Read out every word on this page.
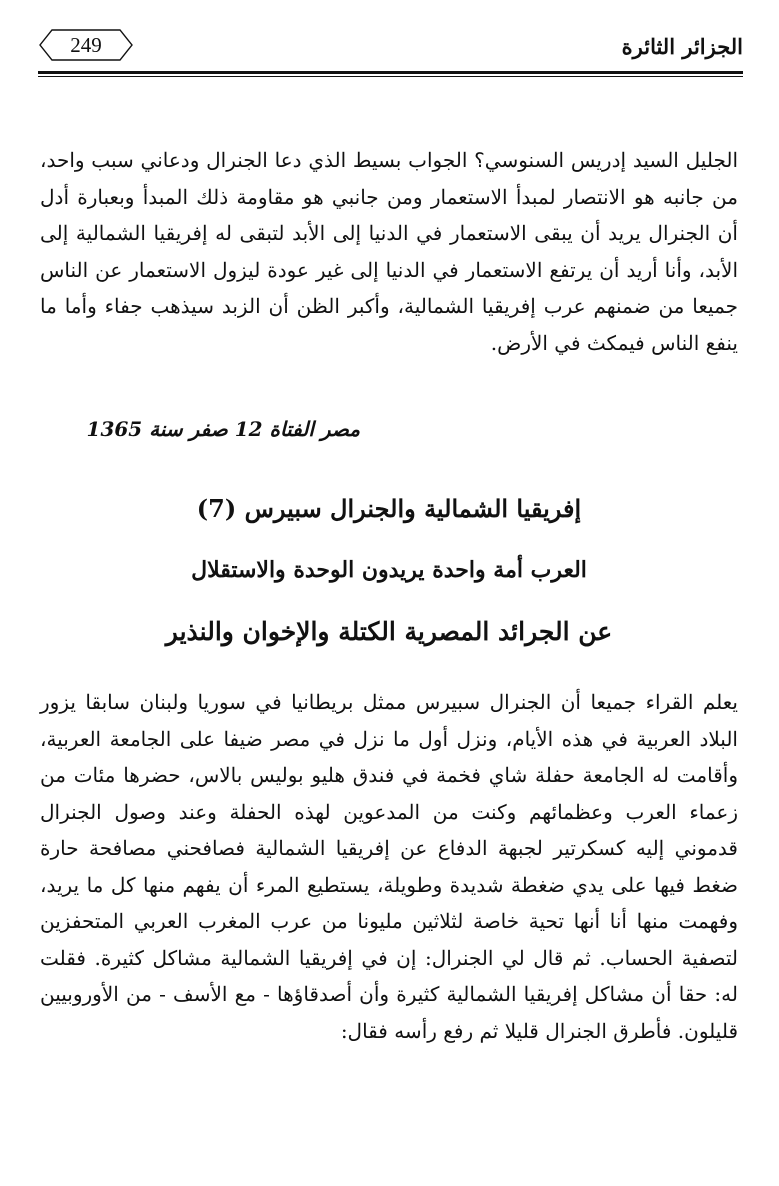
249	الجزائر الثائرة

الجليل السيد إدريس السنوسي؟ الجواب بسيط الذي دعا الجنرال ودعاني سبب واحد، من جانبه هو الانتصار لمبدأ الاستعمار ومن جانبي هو مقاومة ذلك المبدأ وبعبارة أدل أن الجنرال يريد أن يبقى الاستعمار في الدنيا إلى الأبد لتبقى له إفريقيا الشمالية إلى الأبد، وأنا أريد أن يرتفع الاستعمار في الدنيا إلى غير عودة ليزول الاستعمار عن الناس جميعا من ضمنهم عرب إفريقيا الشمالية، وأكبر الظن أن الزبد سيذهب جفاء وأما ما ينفع الناس فيمكث في الأرض.

مصر الفتاة 12 صفر سنة 1365
إفريقيا الشمالية والجنرال سبيرس (7)
العرب أمة واحدة يريدون الوحدة والاستقلال
عن الجرائد المصرية الكتلة والإخوان والنذير

يعلم القراء جميعا أن الجنرال سبيرس ممثل بريطانيا في سوريا ولبنان سابقا يزور البلاد العربية في هذه الأيام، ونزل أول ما نزل في مصر ضيفا على الجامعة العربية، وأقامت له الجامعة حفلة شاي فخمة في فندق هليو بوليس بالاس، حضرها مئات من زعماء العرب وعظمائهم وكنت من المدعوين لهذه الحفلة وعند وصول الجنرال قدموني إليه كسكرتير لجبهة الدفاع عن إفريقيا الشمالية فصافحني مصافحة حارة ضغط فيها على يدي ضغطة شديدة وطويلة، يستطيع المرء أن يفهم منها كل ما يريد، وفهمت منها أنا أنها تحية خاصة لثلاثين مليونا من عرب المغرب العربي المتحفزين لتصفية الحساب. ثم قال لي الجنرال: إن في إفريقيا الشمالية مشاكل كثيرة. فقلت له: حقا أن مشاكل إفريقيا الشمالية كثيرة وأن أصدقاؤها - مع الأسف - من الأوروبيين قليلون. فأطرق الجنرال قليلا ثم رفع رأسه فقال:
